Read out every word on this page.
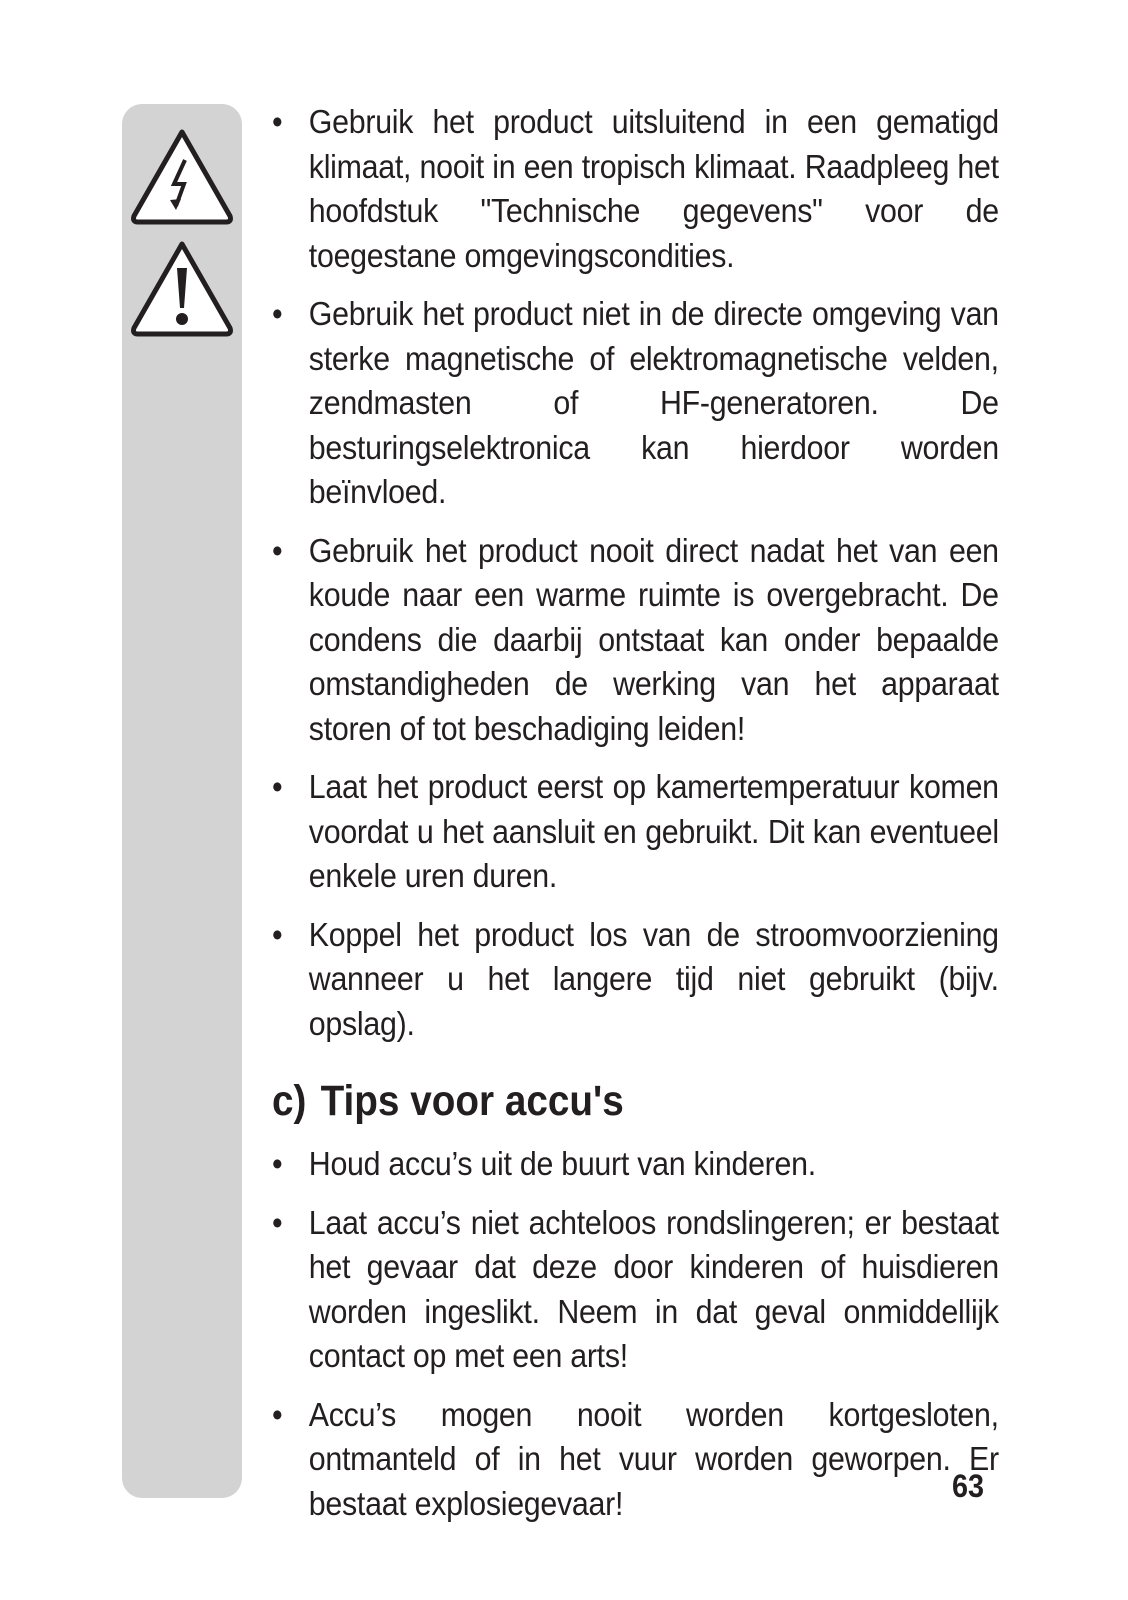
• Gebruik het product uitsluitend in een gematigd klimaat, nooit in een tropisch klimaat. Raadpleeg het hoofdstuk "Technische gegevens" voor de toegestane omgevingscondities.
• Gebruik het product niet in de directe omgeving van sterke magnetische of elektromagnetische velden, zendmasten of HF-generatoren. De besturingselektronica kan hierdoor worden beïnvloed.
• Gebruik het product nooit direct nadat het van een koude naar een warme ruimte is overgebracht. De condens die daarbij ontstaat kan onder bepaalde omstandigheden de werking van het apparaat storen of tot beschadiging leiden!
• Laat het product eerst op kamertemperatuur komen voordat u het aansluit en gebruikt. Dit kan eventueel enkele uren duren.
• Koppel het product los van de stroomvoorziening wanneer u het langere tijd niet gebruikt (bijv. opslag).
c) Tips voor accu's
• Houd accu’s uit de buurt van kinderen.
• Laat accu’s niet achteloos rondslingeren; er bestaat het gevaar dat deze door kinderen of huisdieren worden ingeslikt. Neem in dat geval onmiddellijk contact op met een arts!
• Accu’s mogen nooit worden kortgesloten, ontmanteld of in het vuur worden geworpen. Er bestaat explosiegevaar!	63
